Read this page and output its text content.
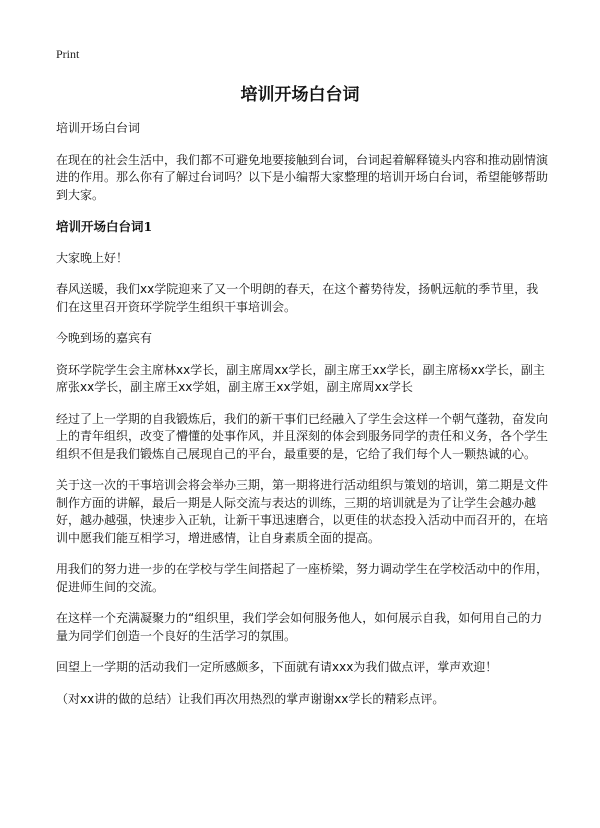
Print
培训开场白台词

培训开场白台词

在现在的社会生活中，我们都不可避免地要接触到台词，台词起着解释镜头内容和推动剧情演进的作用。那么你有了解过台词吗？以下是小编帮大家整理的培训开场白台词，希望能够帮助到大家。

培训开场白台词1

大家晚上好！

春风送暖，我们xx学院迎来了又一个明朗的春天，在这个蓄势待发，扬帆远航的季节里，我们在这里召开资环学院学生组织干事培训会。

今晚到场的嘉宾有

资环学院学生会主席林xx学长，副主席周xx学长，副主席王xx学长，副主席杨xx学长，副主席张xx学长，副主席王xx学姐，副主席王xx学姐，副主席周xx学长

经过了上一学期的自我锻炼后，我们的新干事们已经融入了学生会这样一个朝气蓬勃，奋发向上的青年组织，改变了懵懂的处事作风，并且深刻的体会到服务同学的责任和义务，各个学生组织不但是我们锻炼自己展现自己的平台，最重要的是，它给了我们每个人一颗热诚的心。

关于这一次的干事培训会将会举办三期，第一期将进行活动组织与策划的培训，第二期是文件制作方面的讲解，最后一期是人际交流与表达的训练，三期的培训就是为了让学生会越办越好，越办越强，快速步入正轨，让新干事迅速磨合，以更佳的状态投入活动中而召开的，在培训中愿我们能互相学习，增进感情，让自身素质全面的提高。

用我们的努力进一步的在学校与学生间搭起了一座桥梁，努力调动学生在学校活动中的作用，促进师生间的交流。

在这样一个充满凝聚力的“组织里，我们学会如何服务他人，如何展示自我，如何用自己的力量为同学们创造一个良好的生活学习的氛围。

回望上一学期的活动我们一定所感颇多，下面就有请xxx为我们做点评，掌声欢迎！

（对xx讲的做的总结）让我们再次用热烈的掌声谢谢xx学长的精彩点评。
